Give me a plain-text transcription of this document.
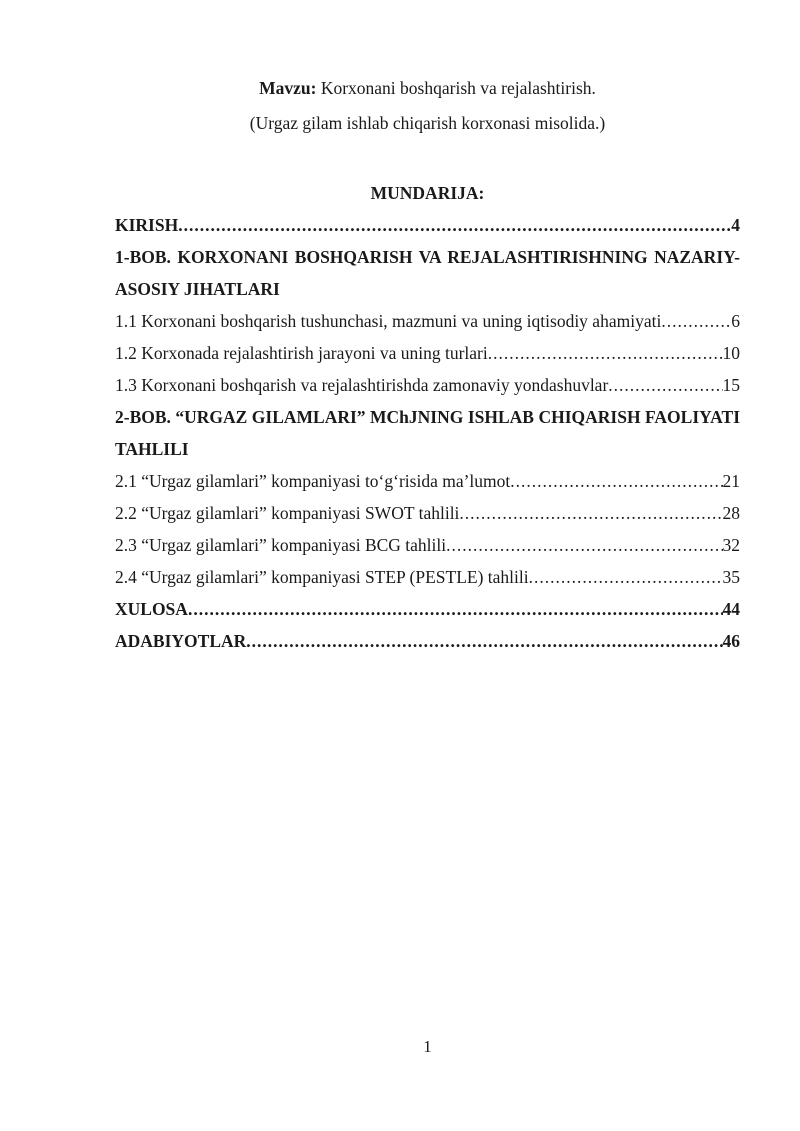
Mavzu: Korxonani boshqarish va rejalashtirish.

(Urgaz gilam ishlab chiqarish korxonasi misolida.)

MUNDARIJA:
KIRISH .....	4
1-BOB. KORXONANI BOSHQARISH VA REJALASHTIRISHNING NAZARIY-ASOSIY JIHATLARI
1.1 Korxonani boshqarish tushunchasi, mazmuni va uning iqtisodiy ahamiyati .....	6
1.2 Korxonada rejalashtirish jarayoni va uning turlari .....	10
1.3 Korxonani boshqarish va rejalashtirishda zamonaviy yondashuvlar .....	15
2-BOB. “URGAZ GILAMLARI” MChJNING ISHLAB CHIQARISH FAOLIYATI TAHLILI
2.1 “Urgaz gilamlari” kompaniyasi to‘g‘risida ma’lumot .....	21
2.2 “Urgaz gilamlari” kompaniyasi SWOT tahlili .....	28
2.3 “Urgaz gilamlari” kompaniyasi BCG tahlili .....	32
2.4 “Urgaz gilamlari” kompaniyasi STEP (PESTLE) tahlili .....	35
XULOSA .....	44
ADABIYOTLAR .....	46
1
